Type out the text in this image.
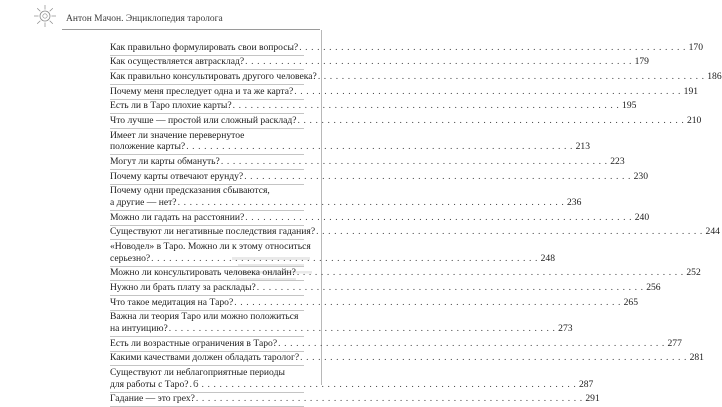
Антон Мачон. Энциклопедия таролога
Как правильно формулировать свои вопросы? . . .	170
Как осуществляется автрасклад? . . .	179
Как правильно консультировать другого человека? . . .	186
Почему меня преследует одна и та же карта? . . .	191
Есть ли в Таро плохие карты? . . .	195
Что лучше — простой или сложный расклад? . . .	210
Имеет ли значение перевернутое
положение карты? . . .	213
Могут ли карты обмануть? . . .	223
Почему карты отвечают ерунду? . . .	230
Почему одни предсказания сбываются,
а другие — нет? . . .	236
Можно ли гадать на расстоянии? . . .	240
Существуют ли негативные последствия гадания? . . .	244
«Новодел» в Таро. Можно ли к этому относиться
серьезно? . . .	248
Можно ли консультировать человека онлайн? . . .	252
Нужно ли брать плату за расклады? . . .	256
Что такое медитация на Таро? . . .	265
Важна ли теория Таро или можно положиться
на интуицию? . . .	273
Есть ли возрастные ограничения в Таро? . . .	277
Какими качествами должен обладать таролог? . . .	281
Существуют ли неблагоприятные периоды
для работы с Таро? . . .	287
Гадание — это грех? . . .	291
6
